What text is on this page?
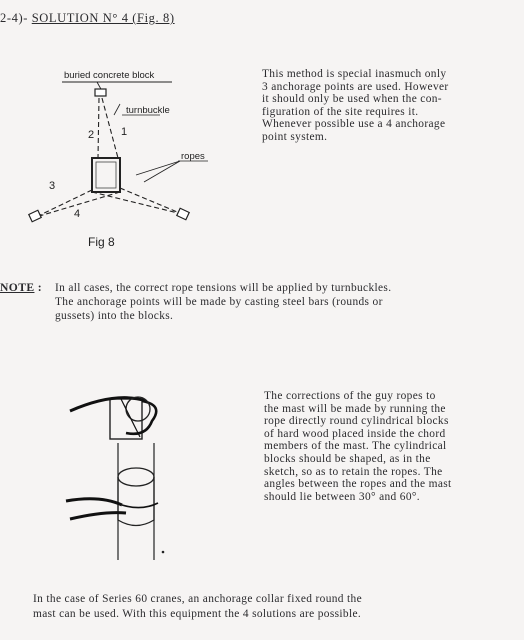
2-4)- SOLUTION N° 4 (Fig. 8)
buried concrete block
turnbuckle
2 1
3
4
ropes
Fig 8
This method is special inasmuch only
3 anchorage points are used. However
it should only be used when the con-
figuration of the site requires it.
Whenever possible use a 4 anchorage
point system.
NOTE : In all cases, the correct rope tensions will be applied by turnbuckles.
The anchorage points will be made by casting steel bars (rounds or
gussets) into the blocks.
The corrections of the guy ropes to
the mast will be made by running the
rope directly round cylindrical blocks
of hard wood placed inside the chord
members of the mast. The cylindrical
blocks should be shaped, as in the
sketch, so as to retain the ropes. The
angles between the ropes and the mast
should lie between 30° and 60°.
In the case of Series 60 cranes, an anchorage collar fixed round the
mast can be used. With this equipment the 4 solutions are possible.
